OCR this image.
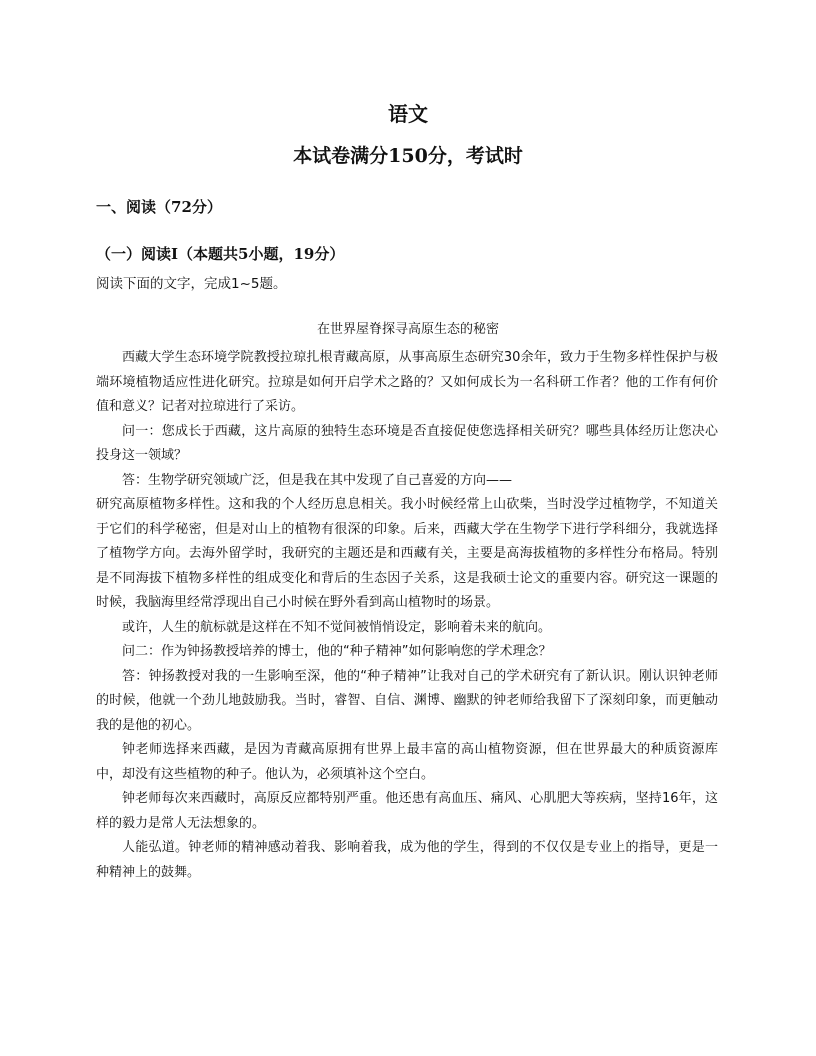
语文
本试卷满分150分，考试时
一、阅读（72分）
（一）阅读Ⅰ（本题共5小题，19分）
阅读下面的文字，完成1~5题。
在世界屋脊探寻高原生态的秘密

西藏大学生态环境学院教授拉琼扎根青藏高原，从事高原生态研究30余年，致力于生物多样性保护与极端环境植物适应性进化研究。拉琼是如何开启学术之路的？又如何成长为一名科研工作者？他的工作有何价值和意义？记者对拉琼进行了采访。

问一：您成长于西藏，这片高原的独特生态环境是否直接促使您选择相关研究？哪些具体经历让您决心投身这一领域？

答：生物学研究领域广泛，但是我在其中发现了自己喜爱的方向——

研究高原植物多样性。这和我的个人经历息息相关。我小时候经常上山砍柴，当时没学过植物学，不知道关于它们的科学秘密，但是对山上的植物有很深的印象。后来，西藏大学在生物学下进行学科细分，我就选择了植物学方向。去海外留学时，我研究的主题还是和西藏有关，主要是高海拔植物的多样性分布格局。特别是不同海拔下植物多样性的组成变化和背后的生态因子关系，这是我硕士论文的重要内容。研究这一课题的时候，我脑海里经常浮现出自己小时候在野外看到高山植物时的场景。

或许，人生的航标就是这样在不知不觉间被悄悄设定，影响着未来的航向。

问二：作为钟扬教授培养的博士，他的“种子精神”如何影响您的学术理念？

答：钟扬教授对我的一生影响至深，他的“种子精神”让我对自己的学术研究有了新认识。刚认识钟老师的时候，他就一个劲儿地鼓励我。当时，睿智、自信、渊博、幽默的钟老师给我留下了深刻印象，而更触动我的是他的初心。

钟老师选择来西藏，是因为青藏高原拥有世界上最丰富的高山植物资源，但在世界最大的种质资源库中，却没有这些植物的种子。他认为，必须填补这个空白。

钟老师每次来西藏时，高原反应都特别严重。他还患有高血压、痛风、心肌肥大等疾病，坚持16年，这样的毅力是常人无法想象的。

人能弘道。钟老师的精神感动着我、影响着我，成为他的学生，得到的不仅仅是专业上的指导，更是一种精神上的鼓舞。
